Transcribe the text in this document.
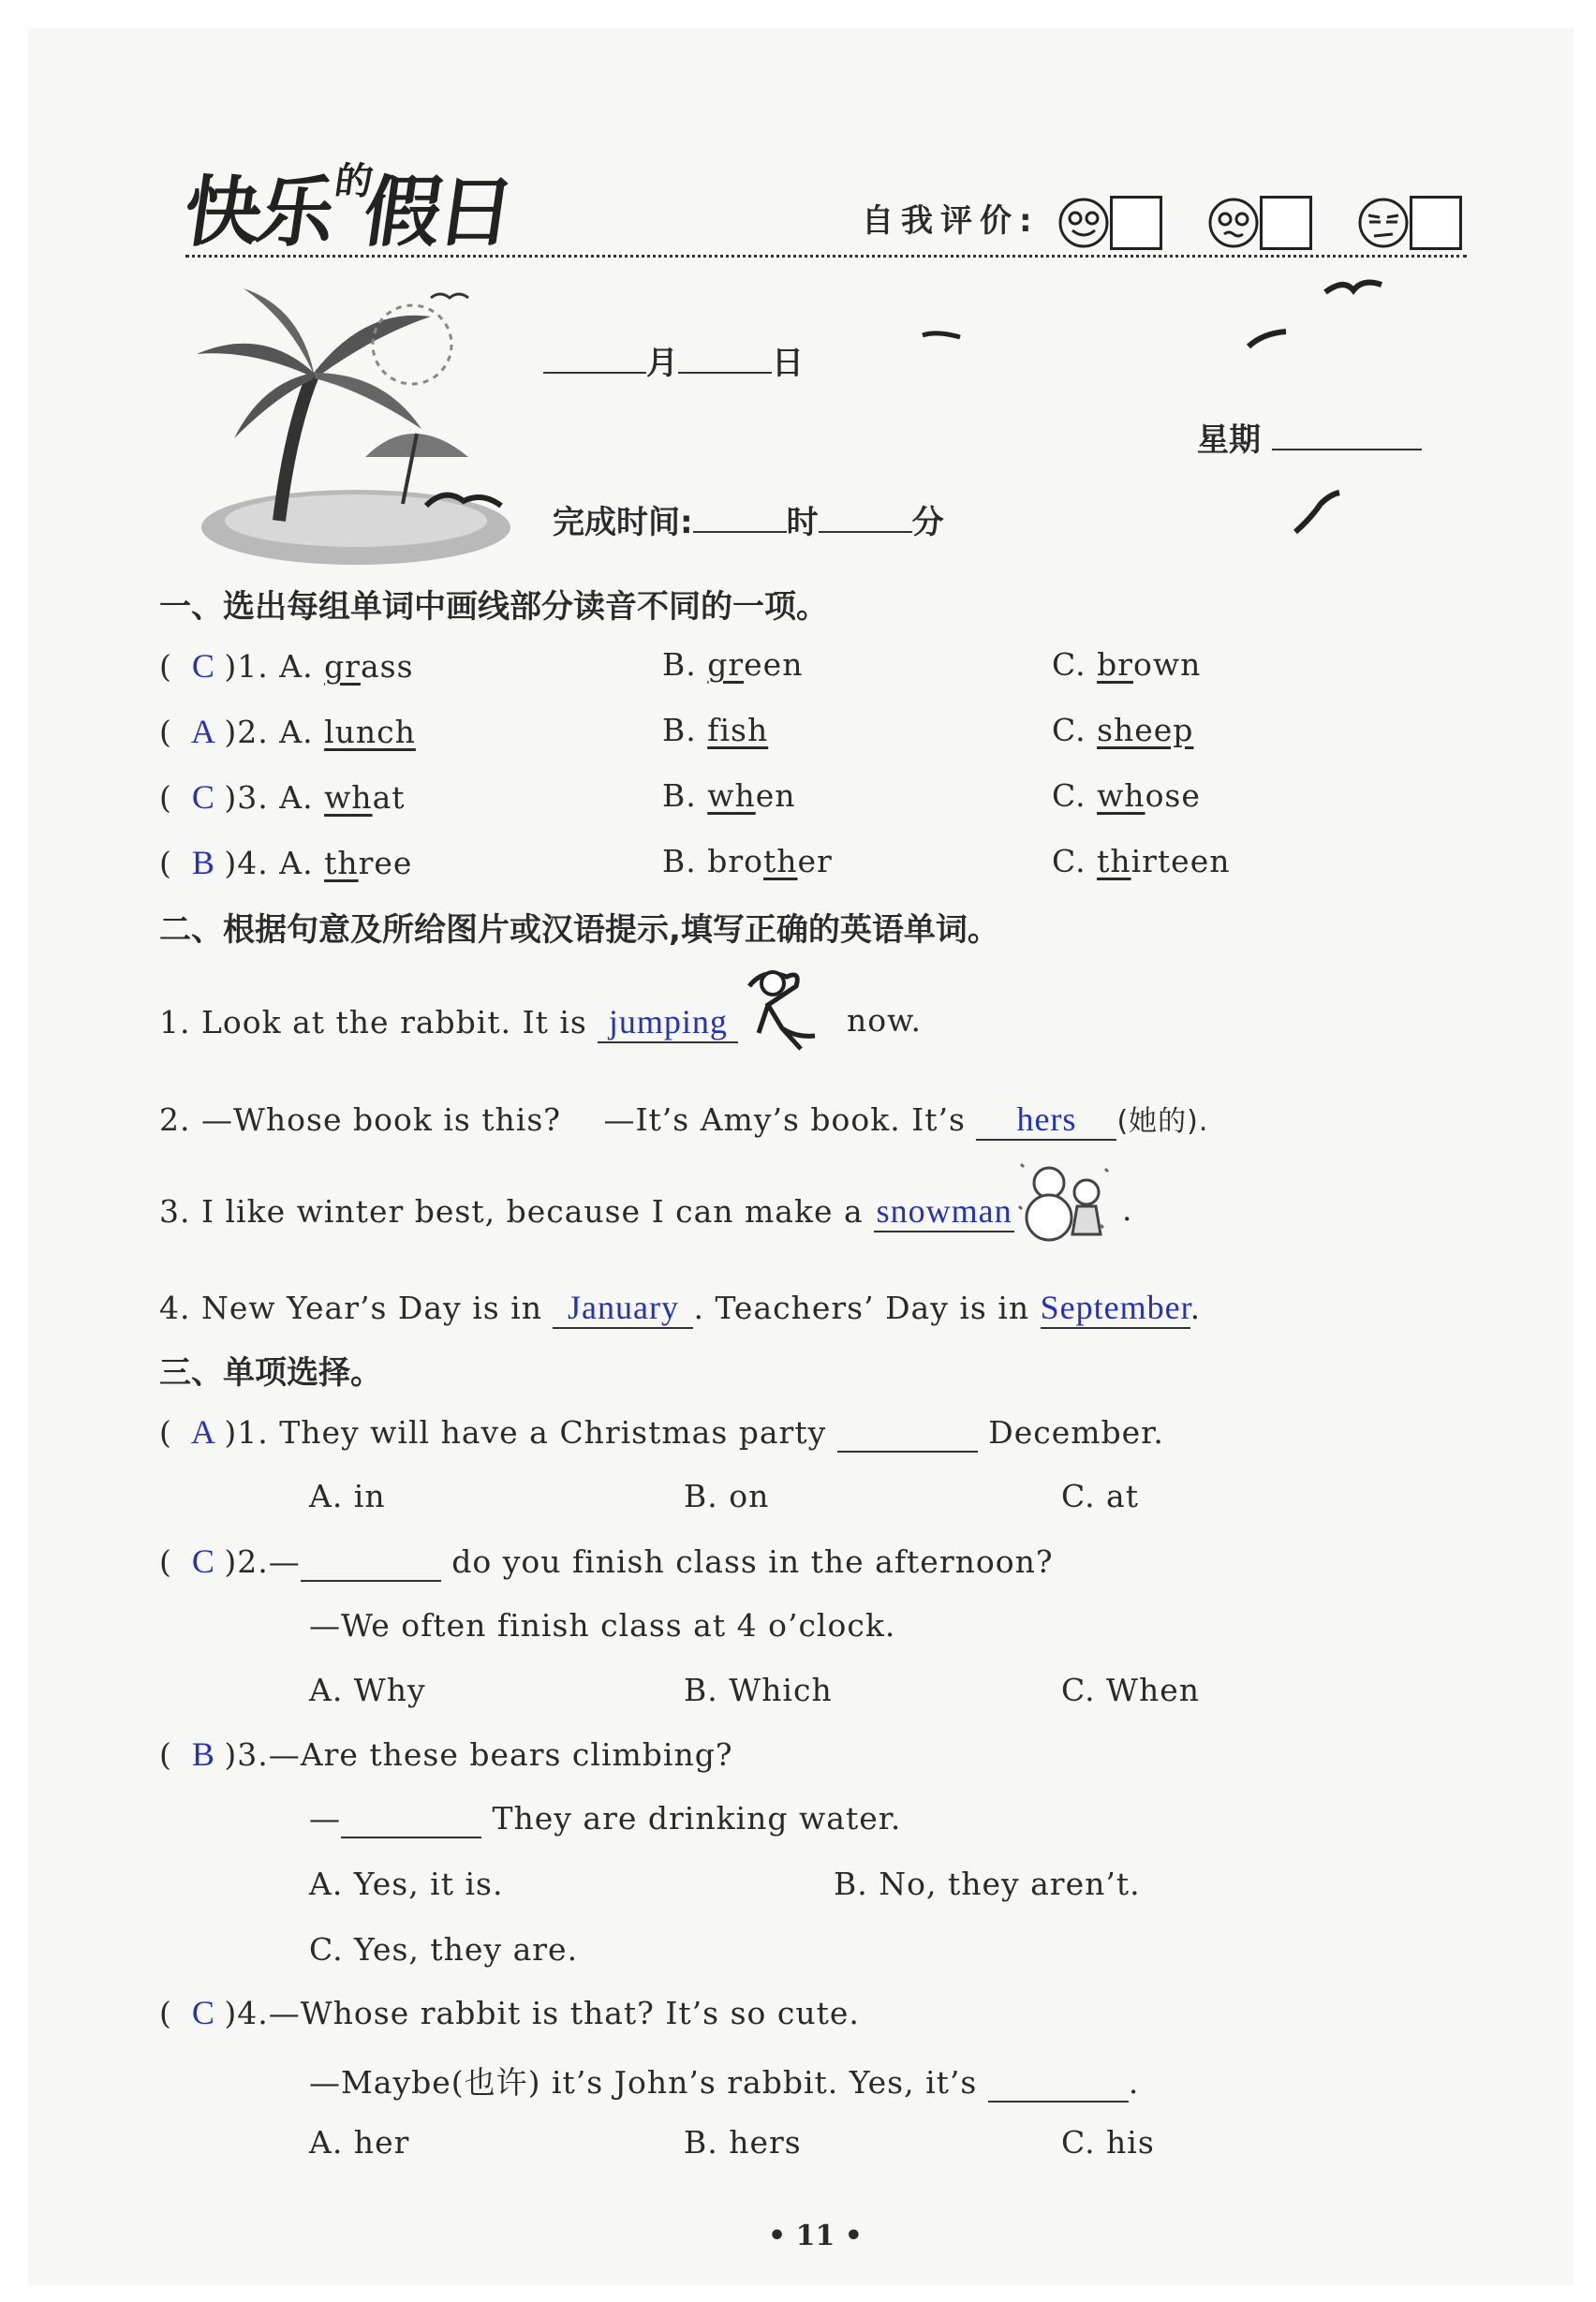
快乐$^的$假日	自我评价:
月	日
星期
完成时间:	时	分
一、选出每组单词中画线部分读音不同的一项。
( C )1. A. grass	B. green	C. brown
( A )2. A. lunch	B. fish	C. sheep
( C )3. A. what	B. when	C. whose
( B )4. A. three	B. brother	C. thirteen
二、根据句意及所给图片或汉语提示,填写正确的英语单词。
1. Look at the rabbit. It is jumping	now.
2. —Whose book is this?　 —It’s Amy’s book. It’s hers (她的).
3. I like winter best, because I can make a snowman	.
4. New Year’s Day is in January . Teachers’ Day is in September.
三、单项选择。
( A )1. They will have a Christmas party	December.
A. in	B. on	C. at
( C )2.—	do you finish class in the afternoon?
—We often finish class at 4 o’clock.
A. Why	B. Which	C. When
( B )3.—Are these bears climbing?
—	They are drinking water.
A. Yes, it is.	B. No, they aren’t.
C. Yes, they are.
( C )4.—Whose rabbit is that? It’s so cute.
—Maybe(也许) it’s John’s rabbit. Yes, it’s	.
A. her	B. hers	C. his
• 11 •
